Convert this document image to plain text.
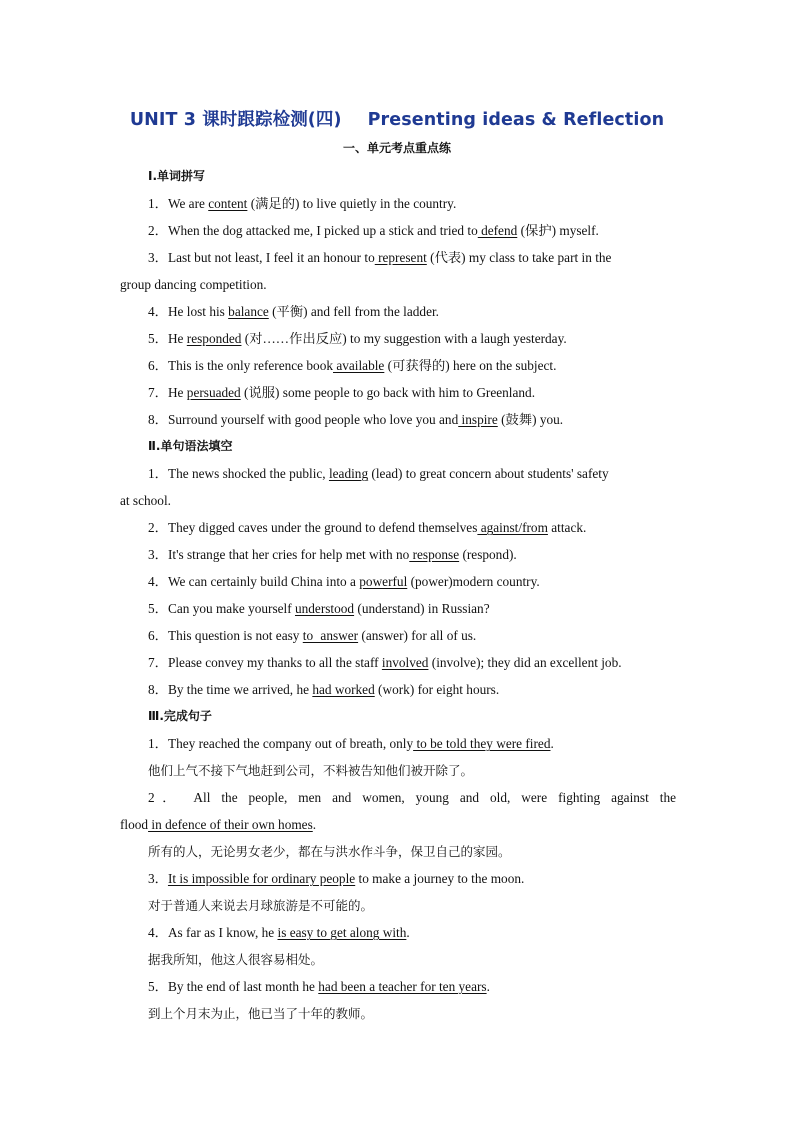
UNIT 3 课时跟踪检测(四) Presenting ideas & Reflection
一、单元考点重点练
Ⅰ.单词拼写
1．We are content (满足的) to live quietly in the country.
2．When the dog attacked me, I picked up a stick and tried to defend (保护) myself.
3．Last but not least, I feel it an honour to represent (代表) my class to take part in the
group dancing competition.
4．He lost his balance (平衡) and fell from the ladder.
5．He responded (对……作出反应) to my suggestion with a laugh yesterday.
6．This is the only reference book available (可获得的) here on the subject.
7．He persuaded (说服) some people to go back with him to Greenland.
8．Surround yourself with good people who love you and inspire (鼓舞) you.
Ⅱ.单句语法填空
1．The news shocked the public, leading (lead) to great concern about students' safety
at school.
2．They digged caves under the ground to defend themselves against/from attack.
3．It's strange that her cries for help met with no response (respond).
4．We can certainly build China into a powerful (power)modern country.
5．Can you make yourself understood (understand) in Russian?
6．This question is not easy to answer (answer) for all of us.
7．Please convey my thanks to all the staff involved (involve); they did an excellent job.
8．By the time we arrived, he had worked (work) for eight hours.
Ⅲ.完成句子
1．They reached the company out of breath, only to be told they were fired.
他们上气不接下气地赶到公司，不料被告知他们被开除了。
2． All the people, men and women, young and old, were fighting against the
flood in defence of their own homes.
所有的人，无论男女老少，都在与洪水作斗争，保卫自己的家园。
3．It is impossible for ordinary people to make a journey to the moon.
对于普通人来说去月球旅游是不可能的。
4．As far as I know, he is easy to get along with.
据我所知，他这人很容易相处。
5．By the end of last month he had been a teacher for ten years.
到上个月末为止，他已当了十年的教师。
